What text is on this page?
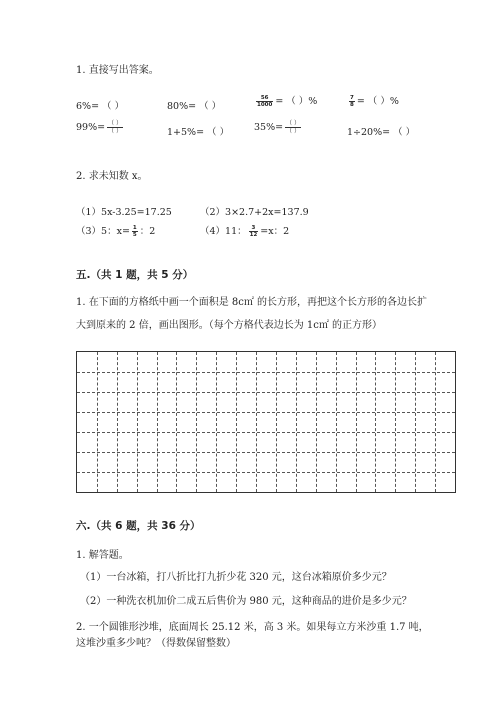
1. 直接写出答案。
6%= （ ）	80%= （ ）	$\frac{56}{1000}$ = （ ）%	$\frac{7}{8}$ = （ ）%
$99\%= \frac{( )}{( )}$	1+5%= （ ）	$35\%= \frac{( )}{( )}$	1÷20%= （ ）
2. 求未知数 x。
（1）5x-3.25=17.25	（2）3×2.7+2x=137.9
（3）5：$x= \frac{1}{5}$ ：2	（4）11： $\frac{3}{12} =x$：2
五.（共 1 题，共 5 分）
1. 在下面的方格纸中画一个面积是 8c㎡ 的长方形，再把这个长方形的各边长扩
大到原来的 2 倍，画出图形。（每个方格代表边长为 1c㎡ 的正方形）
六.（共 6 题，共 36 分）
1. 解答题。
（1）一台冰箱，打八折比打九折少花 320 元，这台冰箱原价多少元？
（2）一种洗衣机加价二成五后售价为 980 元，这种商品的进价是多少元？
2. 一个圆锥形沙堆，底面周长 25.12 米，高 3 米。如果每立方米沙重 1.7 吨，
这堆沙重多少吨？（得数保留整数）
